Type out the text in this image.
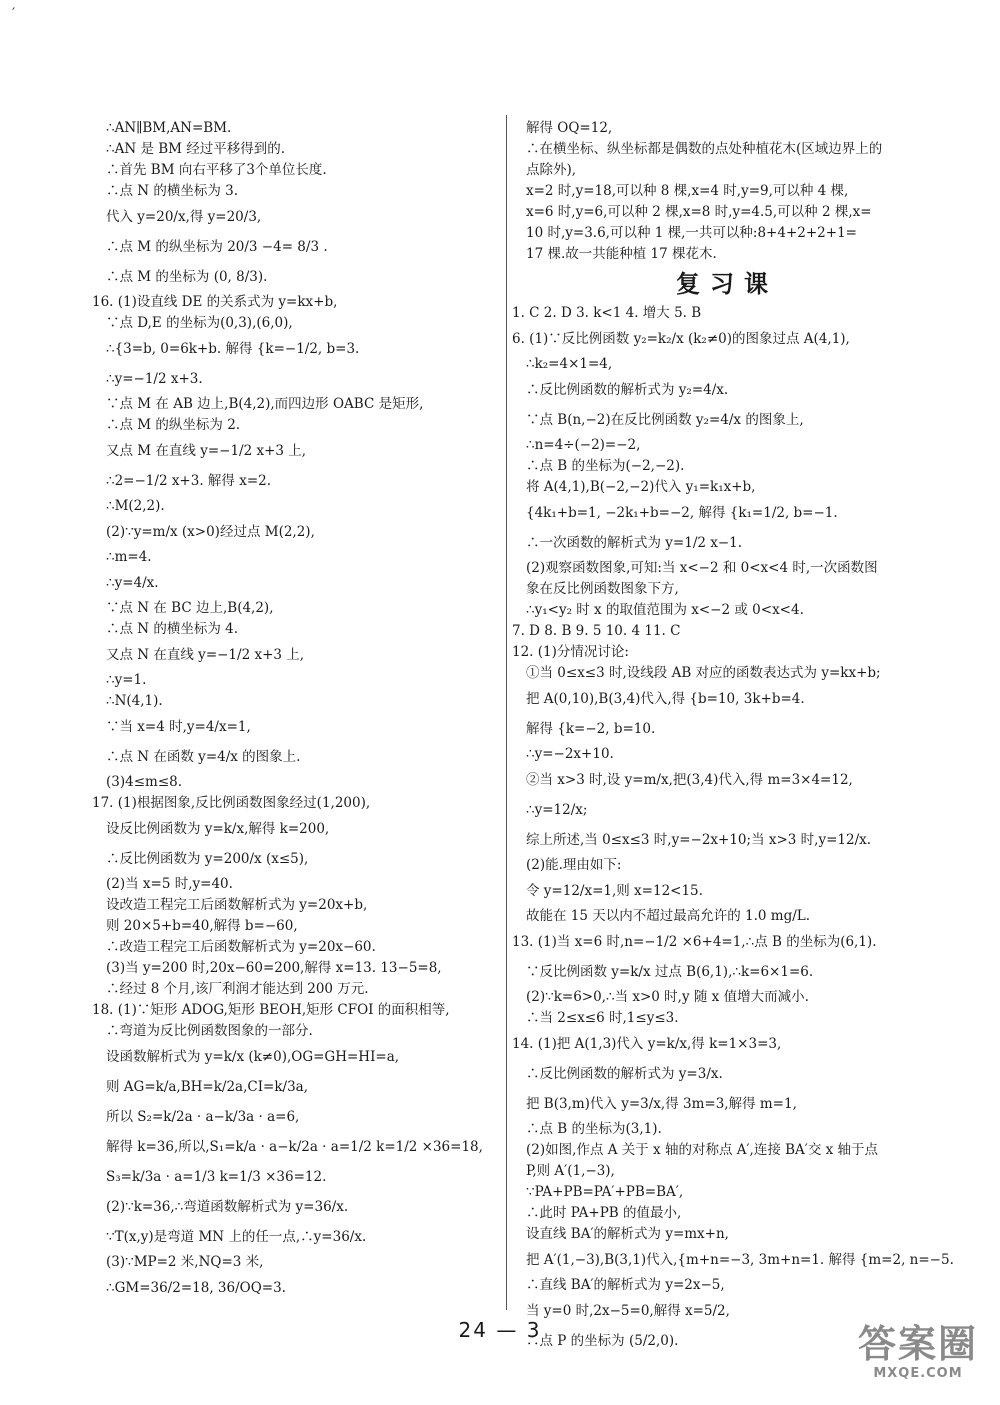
′
∴AN∥BM,AN=BM.
∴AN 是 BM 经过平移得到的.
∴首先 BM 向右平移了3个单位长度.
∴点 N 的横坐标为 3.
代入 y=20/x,得 y=20/3,
∴点 M 的纵坐标为 20/3 −4= 8/3 .
∴点 M 的坐标为 (0, 8/3).
16. (1)设直线 DE 的关系式为 y=kx+b,
∵点 D,E 的坐标为(0,3),(6,0),
∴{3=b, 0=6k+b. 解得 {k=−1/2, b=3.
∴y=−1/2 x+3.
∵点 M 在 AB 边上,B(4,2),而四边形 OABC 是矩形,
∴点 M 的纵坐标为 2.
又点 M 在直线 y=−1/2 x+3 上,
∴2=−1/2 x+3. 解得 x=2.
∴M(2,2).
(2)∵y=m/x (x>0)经过点 M(2,2),
∴m=4.
∴y=4/x.
∵点 N 在 BC 边上,B(4,2),
∴点 N 的横坐标为 4.
又点 N 在直线 y=−1/2 x+3 上,
∴y=1.
∴N(4,1).
∵当 x=4 时,y=4/x=1,
∴点 N 在函数 y=4/x 的图象上.
(3)4≤m≤8.
17. (1)根据图象,反比例函数图象经过(1,200),
设反比例函数为 y=k/x,解得 k=200,
∴反比例函数为 y=200/x (x≤5),
(2)当 x=5 时,y=40.
设改造工程完工后函数解析式为 y=20x+b,
则 20×5+b=40,解得 b=−60,
∴改造工程完工后函数解析式为 y=20x−60.
(3)当 y=200 时,20x−60=200,解得 x=13. 13−5=8,
∴经过 8 个月,该厂利润才能达到 200 万元.
18. (1)∵矩形 ADOG,矩形 BEOH,矩形 CFOI 的面积相等,
∴弯道为反比例函数图象的一部分.
设函数解析式为 y=k/x (k≠0),OG=GH=HI=a,
则 AG=k/a,BH=k/2a,CI=k/3a,
所以 S₂=k/2a · a−k/3a · a=6,
解得 k=36,所以,S₁=k/a · a−k/2a · a=1/2 k=1/2 ×36=18,
S₃=k/3a · a=1/3 k=1/3 ×36=12.
(2)∵k=36,∴弯道函数解析式为 y=36/x.
∵T(x,y)是弯道 MN 上的任一点,∴y=36/x.
(3)∵MP=2 米,NQ=3 米,
∴GM=36/2=18, 36/OQ=3.
解得 OQ=12,
∴在横坐标、纵坐标都是偶数的点处种植花木(区域边界上的
点除外),
x=2 时,y=18,可以种 8 棵,x=4 时,y=9,可以种 4 棵,
x=6 时,y=6,可以种 2 棵,x=8 时,y=4.5,可以种 2 棵,x=
10 时,y=3.6,可以种 1 棵,一共可以种:8+4+2+2+1=
17 棵.故一共能种植 17 棵花木.
复习课
1. C 2. D 3. k<1 4. 增大 5. B
6. (1)∵反比例函数 y₂=k₂/x (k₂≠0)的图象过点 A(4,1),
∴k₂=4×1=4,
∴反比例函数的解析式为 y₂=4/x.
∵点 B(n,−2)在反比例函数 y₂=4/x 的图象上,
∴n=4÷(−2)=−2,
∴点 B 的坐标为(−2,−2).
将 A(4,1),B(−2,−2)代入 y₁=k₁x+b,
{4k₁+b=1, −2k₁+b=−2, 解得 {k₁=1/2, b=−1.
∴一次函数的解析式为 y=1/2 x−1.
(2)观察函数图象,可知:当 x<−2 和 0<x<4 时,一次函数图
象在反比例函数图象下方,
∴y₁<y₂ 时 x 的取值范围为 x<−2 或 0<x<4.
7. D 8. B 9. 5 10. 4 11. C
12. (1)分情况讨论:
①当 0≤x≤3 时,设线段 AB 对应的函数表达式为 y=kx+b;
把 A(0,10),B(3,4)代入,得 {b=10, 3k+b=4.
解得 {k=−2, b=10.
∴y=−2x+10.
②当 x>3 时,设 y=m/x,把(3,4)代入,得 m=3×4=12,
∴y=12/x;
综上所述,当 0≤x≤3 时,y=−2x+10;当 x>3 时,y=12/x.
(2)能.理由如下:
令 y=12/x=1,则 x=12<15.
故能在 15 天以内不超过最高允许的 1.0 mg/L.
13. (1)当 x=6 时,n=−1/2 ×6+4=1,∴点 B 的坐标为(6,1).
∵反比例函数 y=k/x 过点 B(6,1),∴k=6×1=6.
(2)∵k=6>0,∴当 x>0 时,y 随 x 值增大而减小.
∴当 2≤x≤6 时,1≤y≤3.
14. (1)把 A(1,3)代入 y=k/x,得 k=1×3=3,
∴反比例函数的解析式为 y=3/x.
把 B(3,m)代入 y=3/x,得 3m=3,解得 m=1,
∴点 B 的坐标为(3,1).
(2)如图,作点 A 关于 x 轴的对称点 A′,连接 BA′交 x 轴于点
P,则 A′(1,−3),
∵PA+PB=PA′+PB=BA′,
∴此时 PA+PB 的值最小,
设直线 BA′的解析式为 y=mx+n,
把 A′(1,−3),B(3,1)代入,{m+n=−3, 3m+n=1. 解得 {m=2, n=−5.
∴直线 BA′的解析式为 y=2x−5,
当 y=0 时,2x−5=0,解得 x=5/2,
∴点 P 的坐标为 (5/2,0).
24 — 3	答案圈
MXQE.COM
